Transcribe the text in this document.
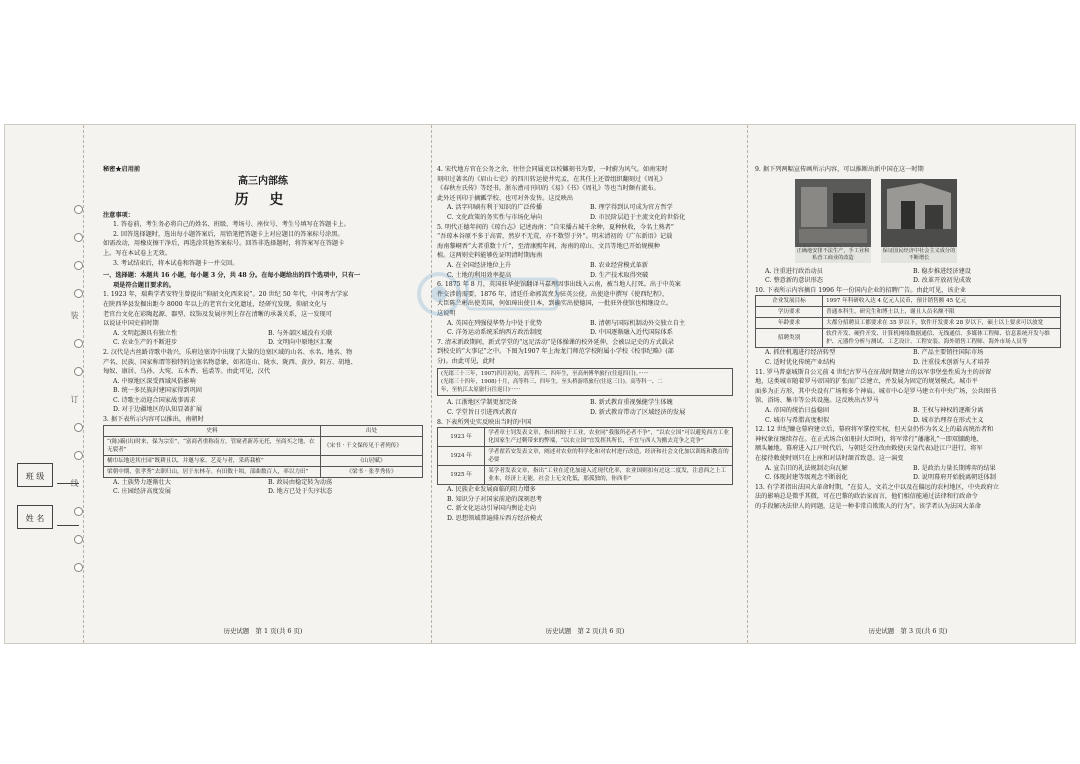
装
订
线
班 级
姓 名

秘密★启用前

高三内部练
历 史

注意事项：

1. 答卷前，考生务必将自己的姓名、班级、考场号、座位号、考生号填写在答题卡上。

2. 回答选择题时，选出每小题答案后，用铅笔把答题卡上对应题目的答案标号涂黑。

如需改动，用橡皮擦干净后，再选涂其他答案标号。回答非选择题时，将答案写在答题卡

上。写在本试卷上无效。

3. 考试结束后，将本试卷和答题卡一并交回。

一、选择题：本题共 16 小题，每小题 3 分，共 48 分。在每小题给出的四个选项中，只有一

项是符合题目要求的。

1. 1923 年，瑞典学者安特生曾提出“仰韶文化西来说”。20 世纪 50 年代，中国考古学家

在陕西华县发掘出距今 8000 年以上的老官台文化遗址，经研究发现，仰韶文化与

老官台文化在彩陶起源、器型、纹饰及发展序列上存在清晰的承袭关系，这一发现可

以说证中国史前时期

A. 文明起源具有独立性	B. 与外部区域没有关联
C. 农业生产的不断进步	D. 文明向中原地区汇聚

2. 汉代是古丝路诗歌中勃兴，乐府边塞诗中出现了大量的边塞区域的山名、水名、地名、物

产名、民族、国家称谓等独特的边塞名物意象，如祁连山、陇水、陇西、黄沙、阴方、胡地、

匈奴、康居、乌孙、大宛、五木香、毡裘等。由此可见，汉代

A. 中原地区深受西域风俗影响

B. 统一多民族封建国家得到巩固

C. 诗歌主动迎合国家战事需求

D. 对于边疆地区的认知显著扩展

3. 据下表所示内容可以推出，南朝时

史料	出处
“(陈)霸(出)时来，保为宗室”，“富商者重称南方，管窥者新苏无托，至商买之地，衣无裂者”	《宋书 · 千文保传见于者列传》
桶巾坛地送其庄园“既耕且以，并邀与家。艺麦与者，采药栽植”	《山居赋》
梁朝中期，张孝秀“去职归山，居于东林寺。有田数十顷，部曲数百人，率以力田”	《梁书 · 张孝秀传》
A. 土族势力逐渐壮大	B. 政局由稳定转为动荡
C. 庄园经济高度发展	D. 地方已处于失序状态
历史试题　第 1 页(共 6 页)

4. 宋代地方官在公务之余，往往会同属吏以校雠刻书为要，一时蔚为风气。如南宋时

刻印过著名的《眉山七史》的四川转运使井宪孟，在其任上还曾组织翻刻过《周礼》

《春秋左氏传》等经书。浙东漕司刊印的《易》《书》《周礼》等也当时颇有流布。

此外还刊印于摘瓤学校、也可对外发售。这反映出

A. 活字印刷有利于知识的广泛传播	B. 理学得到认可成为官方哲学
C. 文化政策的务实性与市场化导向	D. 市民阶层趋于主流文化的世俗化

5. 明代正德年间的《琼台志》记述海南：“自宋播占城千余种，夏种秋收，今名土熟者”

“吾琼本谷原不多于高雷，然岁不无荒，亦不数望于外”。明末清初的《广东新语》记载

海南黎峒香“大者重数十斤”，至清康熙年间，海南的琼山、文昌等地已开始规模种

植。这两则史料能够佐证明清时期海南

A. 在全国经济地位上升	B. 农业经营模式革新
C. 土地的利用效率提高	D. 生产技术取得突破

6. 1875 年 8 月，英国驻华使馆翻译马嘉理因事出线入云南，被当地人打死。出于中英案

件交涉的需要，1876 年，清廷任命郭嵩焘为驻英公使。出使途中撰写《使西纪程》，

大臣陈兰彬出使美国，何如璋出使日本，到确实出使德国，一批驻外使馆也相继设立。

这说明

A. 英国在列强侵华势力中处于优势	B. 清朝与国际机制动外交独立自主
C. 洋务运动系统采纳西方政治制度	D. 中国逐渐融入近代国际体系

7. 清末新政期间，新式学堂的“远足活动”是体操课的校外延伸，会被以记史的方式载录

到校史的“大事记”之中。下图为1907 年上海龙门师范学校附属小学校《校事纪略》(部

分)。由此可见，此时

(光绪三十三年，1907)四月初旬，高等科三、四年生，至高州傅华旅行(往返四日)。······

(光绪三十四年，1908)十月，高等科三、四年生，至头桥游塔旅行(往返三日)。高等科一、二

年，至杭江太原旅行(往返日)······

A. 江浙地区学制更加完备	B. 新式教育重视强健学生体魄
C. 学堂旨日引进西式教育	D. 新式教育带动了区域经济的发展

8. 下表所列史实反映出当时的中国

1923 年	学者章士钊发表文章，指出相较于工业，农业同“我服所必者不争”，“以农立国”可以避免西方工业化国家生产过剩带来的弊端，“以农立国”宜发挥其所长，不宜与西人为搬去竞争之竞争”
1924 年	学者翟若安发表文章，阐述对农业的科学化和对农村进行改造，经济和社会文化加以训练和教育的必要
1925 年	某学者发表文章，指出“工业在近化加速入近现代化率，农业国则扣有过这二度发，注意西之上工业本，经济上无能，社会上无文化低，那孤独的，你西非”

A. 民族企业发展面临的阻力增多

B. 知识分子对国家前途的深刻思考

C. 新文化运动引导国内舆论走向

D. 思想领域普遍排斥西方经济模式

历史试题　第 2 页(共 6 页)

9. 据下列两幅宣传画所示内容，可以推断出新中国在这一时期

正确地安排不法生产，手工业和私营工商业的改造
保证国民经济中社会主义成分的不断增长
A. 注重进行政治动员	B. 稳步推进经济建设
C. 整意新的意识形态	D. 改革开放初见成效

10. 下表所示内容摘自 1996 年一份国内企业的招聘广告。由此可见，该企业

企业发展目标	1997 年科研收入达 4 亿元人民币，预计销售额 45 亿元
学历要求	普通本科生，研究生和博士以上，谢且人员名额不限
年龄要求	大都分招聘员工都要求在 35 岁以下，软件开发要求 28 岁以下，硕士以上要求可以放宽
招聘类别	软件开发、硬件开发、计算机网络数据通信、无线通信、多媒体工程师、信息系统开发与维护、元器件分析与测试、工艺设计、工程安装、海外销售工程师、海外市场人员等
A. 抓住机遇进行经济转型	B. 产品主要销往国际市场
C. 适时优化传统产业结构	D. 注重技术创新与人才培养

11. 罗马普豪城斯自公元前 4 世纪古罗马在征战时期建立的以军事堡垒性质为主的居留

地，这类城市随着罗马帝国的扩张而广泛建立，并发展为固定的规划模式。城市平

面多为正方形，其中央设有广场和多个神庙。城市中心是罗马建立有中央广场，公共图书

馆、浴场、集市等公共设施。这反映出古罗马

A. 帝国的统治日益稳固	B. 王权与神权的逐渐分离
C. 城市与希腊高度相似	D. 城市治理存在形式主义

12. 12 世纪镰仓幕府建立后，幕府将军掌控实权，但天皇仍作为名义上的最高统治者和

神权象征继续存在。在正式场合(如册封大臣时)，将军常行“藩藩礼”一即双膝跪地、

额头触地。幕府进入江户时代后，与朝廷交往改由敕使(天皇代表)赴江户进行，将军

在接待敕使时则只在上座和对话时颔首致意。这一演变

A. 宣告旧的礼法规制走向瓦解	B. 是政治力量长期博弈的结果
C. 体现封建等级观念不断弱化	D. 说明幕府开始脱离朝廷体制

13. 有学者指出法国大革命时期，“在贫人，文若之中以及在偏远的农村地区，中央政府立

法的影响总是微乎其微，可在巴黎的政治家而言，他们相信能通过法律和行政命令

的手段解决法律人的问题，这是一种非常自欺欺人的行为”。该学者认为法国大革命

历史试题　第 3 页(共 6 页)
